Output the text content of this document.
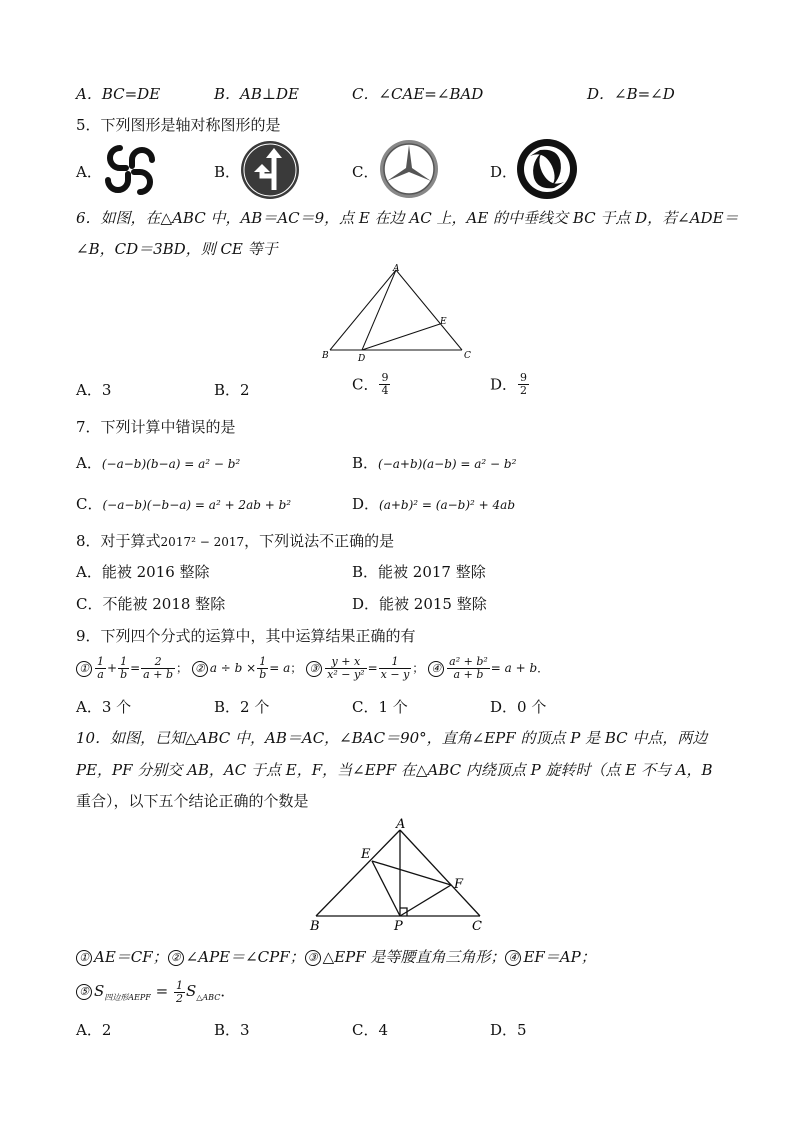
A．BC=DE	B．AB⊥DE	C．∠CAE=∠BAD	D．∠B=∠D
5．下列图形是轴对称图形的是
A．	B．	C．	D．
6．如图，在△ABC 中，AB＝AC＝9，点 E 在边 AC 上，AE 的中垂线交 BC 于点 D，若∠ADE＝
∠B，CD＝3BD，则 CE 等于
A
B	C
D
E
A．3	B．2	C． $\frac{9}{4}$	D． $\frac{9}{2}$
7．下列计算中错误的是
A．(−a−b)(b−a) = a² − b²	B．(−a+b)(a−b) = a² − b²
C．(−a−b)(−b−a) = a² + 2ab + b²	D．(a+b)² = (a−b)² + 4ab
8．对于算式2017² − 2017，下列说法不正确的是
A．能被 2016 整除	B．能被 2017 整除
C．不能被 2018 整除	D．能被 2015 整除
9．下列四个分式的运算中，其中运算结果正确的有
① $\frac{1}{a} + \frac{1}{b} = \frac{2}{a + b}$ ； ② $a \div b \times \frac{1}{b} = a$； ③ $\frac{y + x}{\text{x² − y²}} = \frac{1}{x - y}$ ； ④ $\frac{\text{a² + b²}}{a + b} = a + b$．
A．3 个	B．2 个	C．1 个	D．0 个
10．如图，已知△ABC 中，AB＝AC，∠BAC＝90°，直角∠EPF 的顶点 P 是 BC 中点，两边
PE，PF 分别交 AB，AC 于点 E，F，当∠EPF 在△ABC 内绕顶点 P 旋转时（点 E 不与 A，B
重合），以下五个结论正确的个数是
A
B	C
E
F
P
① AE＝CF； ② ∠APE＝∠CPF； ③ △EPF 是等腰直角三角形； ④ EF＝AP；
⑤ $S_{四边形AEPF} = \frac{1}{2} S_{\triangle ABC}$．
A．2	B．3	C．4	D．5
